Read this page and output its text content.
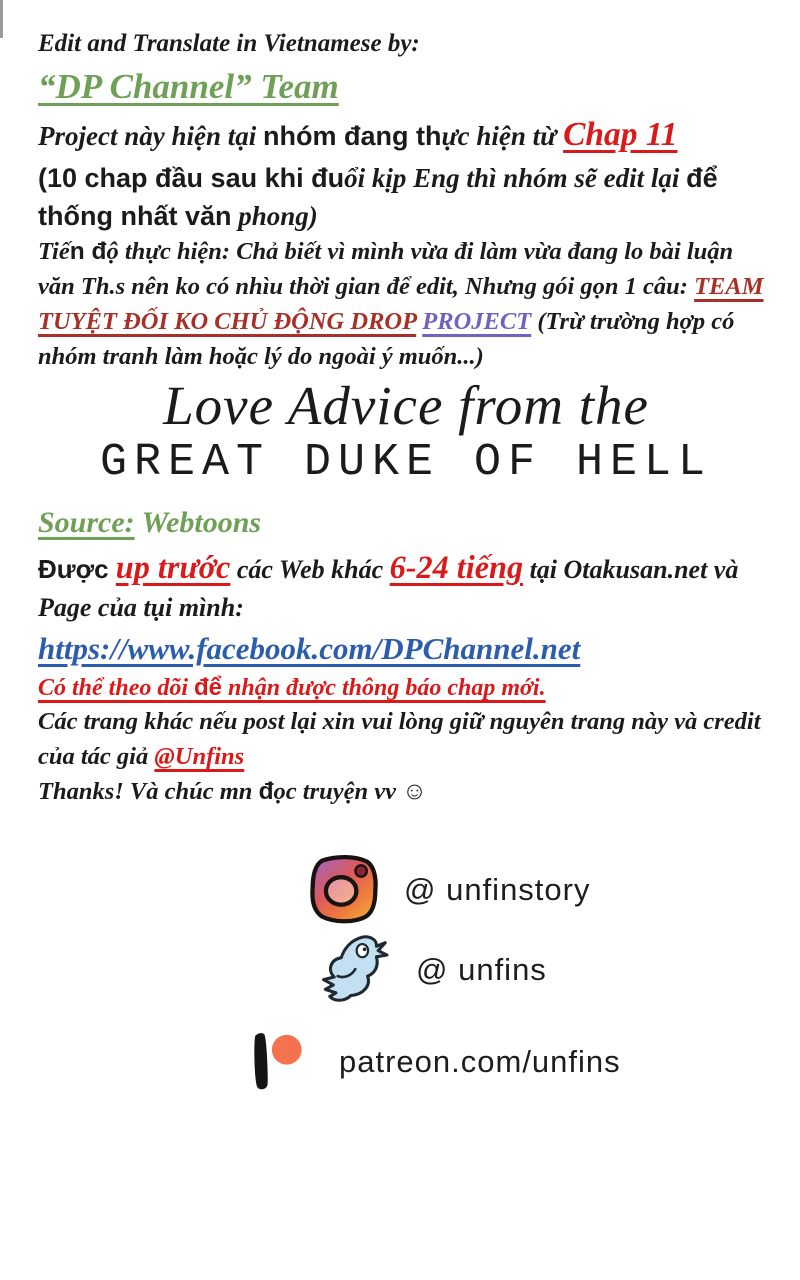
Edit and Translate in Vietnamese by:

“DP Channel” Team

Project này hiện tại nhóm đang thực hiện từ Chap 11

(10 chap đầu sau khi đuổi kịp Eng thì nhóm sẽ edit lại để thống nhất văn phong)

Tiến độ thực hiện: Chả biết vì mình vừa đi làm vừa đang lo bài luận văn Th.s nên ko có nhìu thời gian để edit, Nhưng gói gọn 1 câu: TEAM TUYỆT ĐỐI KO CHỦ ĐỘNG DROP PROJECT (Trừ trường hợp có nhóm tranh làm hoặc lý do ngoài ý muốn...)

Love Advice from the
GREAT DUKE OF HELL

Source: Webtoons

Được up trước các Web khác 6-24 tiếng tại Otakusan.net và Page của tụi mình:

https://www.facebook.com/DPChannel.net

Có thể theo dõi để nhận được thông báo chap mới.

Các trang khác nếu post lại xin vui lòng giữ nguyên trang này và credit của tác giả @Unfins

Thanks! Và chúc mn đọc truyện vv ☺

@ unfinstory
@ unfins
patreon.com/unfins
